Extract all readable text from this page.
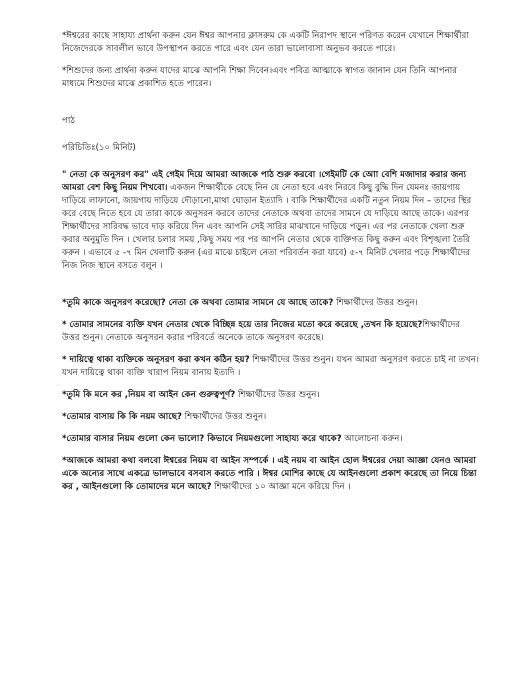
*ঈশ্বরের কাছে সাহায্য প্রার্থনা করুন যেন ঈশ্বর আপনার ক্লাসরুম কে একটি নিরাপদ স্থানে পরিণত করেন যেখানে শিক্ষার্থীরা নিজেদেরকে সাবলীল ভাবে উপস্থাপন করতে পারে এবং যেন তারা ভালোবাসা অনুভব করতে পারে।

*শিশুদের জন্য প্রার্থনা করুন যাদের মাঝে আপনি শিক্ষা দিবেন।এবং পবিত্র আত্মাকে স্বাগত জানান যেন তিনি আপনার মাধ্যমে শিশুদের মাঝে প্রকাশিত হতে পারেন।

পাঠ

পরিচিতিঃ(১০ মিনিট)

" নেতা কে অনুসরণ কর" এই গেইম দিয়ে আমরা আজকে পাঠ শুরু করবো ।গেইমটি কে আো বেশি মজাদার করার জন্য আমরা বেশ কিছু নিয়ম শিখবো। একজন শিক্ষার্থীকে বেছে নিন যে নেতা হবে এবং নিরবে কিছু বুদ্ধি দিন যেমনঃ জায়গায় দাড়িয়ে লাফানো, জায়গায় দাড়িয়ে দৌড়ানো,মাথা ঘোড়ান ইত্যাদি । বাকি শিক্ষার্থীদের একটি নতুন নিয়ম দিন – তাদের স্থির করে বেছে নিতে হবে যে তারা কাকে অনুসরন করবে তাদের নেতাকে অথবা তাদের সামনে যে দাড়িয়ে আছে তাকে। এরপর শিক্ষার্থীদের সারিবদ্ধ ভাবে দাড় করিয়ে দিন এবং আপনি সেই সারির মাঝখানে দাড়িয়ে পড়ুন। এর পর নেতাকে খেলা শুরু করার অনুমুতি দিন । খেলার চলার সময় ,কিছু সময় পর পর আপনি নেতার থেকে ব্যক্তিগত কিছু করুন এবং বিশৃঙ্খলা তৈরি করুন । এভাবে ৫ -৭ মিন খেলাটি করুন (এর মাঝে চাইলে নেতা পরিবর্তন করা যাবে) ৫-৭ মিনিট খেলার পড়ে শিক্ষার্থীদের নিজ নিজ স্থানে বসতে বলুন ।

*তুমি কাকে অনুসরণ করেছো? নেতা কে অথবা তোমার সামনে যে আছে তাকে? শিক্ষার্থীদের উত্তর শুনুন।

* তোমার সামনের ব্যক্তি যখন নেতার থেকে বিচ্ছিন্ন হয়ে তার নিজের মতো করে করেছে ,তখন কি হয়েছে?শিক্ষার্থীদের উত্তর শুনুন। নেতাকে অনুসরন করার পরিবর্তে অনেকে তাকে অনুসরণ করেছে।

* দায়িত্বে থাকা ব্যক্তিকে অনুসরণ করা কখন কঠিন হয়? শিক্ষার্থীদের উত্তর শুনুন। যখন আমরা অনুসরণ করতে চাই না তখন। যখন দায়িত্বে থাকা ব্যক্তি খারাপ নিয়ম বানায় ইত্যদি ।

*তুমি কি মনে কর ,নিয়ম বা আইন কেন গুরুত্বপূর্ণ? শিক্ষার্থীদের উত্তর শুনুন।

*তোমার বাসায় কি কি নয়ম আছে? শিক্ষার্থীদের উত্তর শুনুন।

*তোমার বাসার নিয়ম গুলো কেন ভালো? কিভাবে নিয়মগুলো সাহায্য করে থাকে? আলোচনা করুন।

*আজকে আমরা কথা বলবো ঈশ্বরের নিয়ম বা আইন সম্পর্কে । এই নয়ম বা আইন হোল ঈশ্বরের দেয়া আজ্ঞা যেনও আমরা একে অন্যের সাথে একত্রে ভালভাবে বসবাস করতে পারি । ঈশ্বর মোশির কাছে যে আইনগুলো প্রকাশ করেছে তা নিয়ে চিন্তা কর , আইনগুলো কি তোমাদের মনে আছে? শিক্ষার্থীদের ১০ আজ্ঞা মনে করিয়ে দিন ।
